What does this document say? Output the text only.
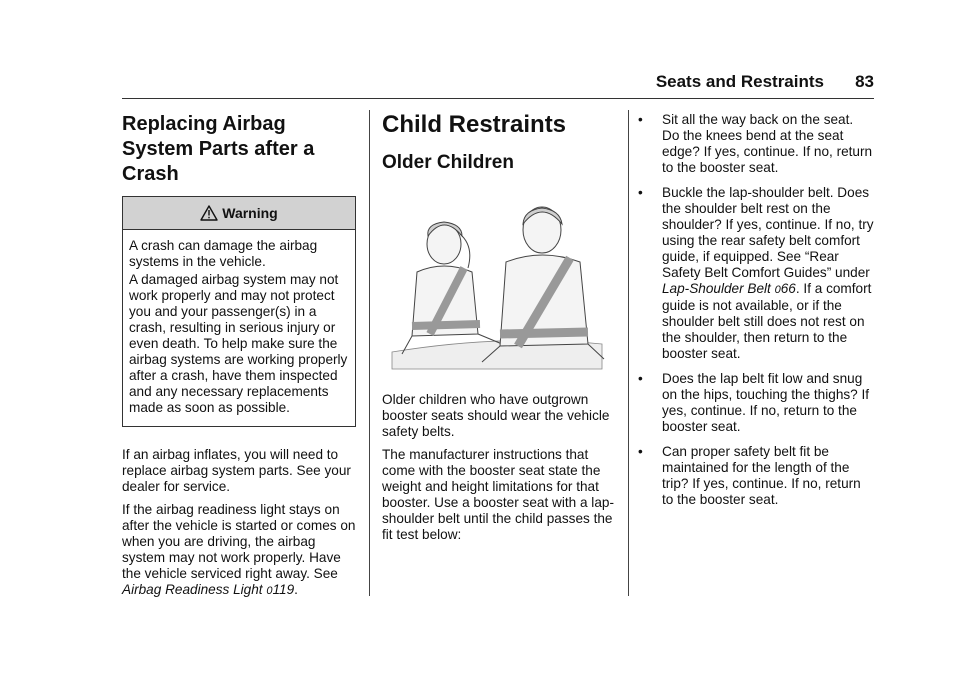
Seats and Restraints 83
Replacing Airbag System Parts after a Crash
Warning

A crash can damage the airbag systems in the vehicle.

A damaged airbag system may not work properly and may not protect you and your passenger(s) in a crash, resulting in serious injury or even death. To help make sure the airbag systems are working properly after a crash, have them inspected and any necessary replacements made as soon as possible.

If an airbag inflates, you will need to replace airbag system parts. See your dealer for service.

If the airbag readiness light stays on after the vehicle is started or comes on when you are driving, the airbag system may not work properly. Have the vehicle serviced right away. See Airbag Readiness Light 0119.

Child Restraints
Older Children

Older children who have outgrown booster seats should wear the vehicle safety belts.

The manufacturer instructions that come with the booster seat state the weight and height limitations for that booster. Use a booster seat with a lap-shoulder belt until the child passes the fit test below:

• Sit all the way back on the seat. Do the knees bend at the seat edge? If yes, continue. If no, return to the booster seat.
• Buckle the lap-shoulder belt. Does the shoulder belt rest on the shoulder? If yes, continue. If no, try using the rear safety belt comfort guide, if equipped. See “Rear Safety Belt Comfort Guides” under Lap-Shoulder Belt 066. If a comfort guide is not available, or if the shoulder belt still does not rest on the shoulder, then return to the booster seat.
• Does the lap belt fit low and snug on the hips, touching the thighs? If yes, continue. If no, return to the booster seat.
• Can proper safety belt fit be maintained for the length of the trip? If yes, continue. If no, return to the booster seat.
